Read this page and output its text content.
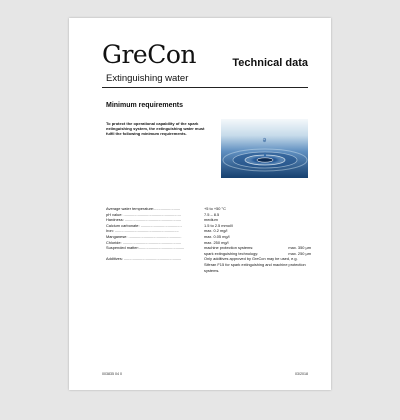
GreCon	Technical data
Extinguishing water
Minimum requirements
To protect the operational capability of the spark extinguishing system, the extinguishing water must fulfil the following minimum requirements.
Average water temperature:........................	+5 to +50 °C
pH value: .....................................................	7.5 – 8.5
Hardness: ....................................................	medium
Calcium carbonate: ......................................	1.5 to 2.5 mmol/l
Iron: ...........................................................	max. 0.2 mg/l
Manganese: .................................................	max. 0.05 mg/l
Chloride: ......................................................	max. 250 mg/l
Suspended matter:..........................................	machine protection systems:	max. 350 µm
spark extinguishing technology:	max. 250 µm
Additives: .....................................................	Only additives approved by GreCon may be used, e.g. Siferan F15 for spark extinguishing and machine protection systems.
003835 04 0	03/2018
